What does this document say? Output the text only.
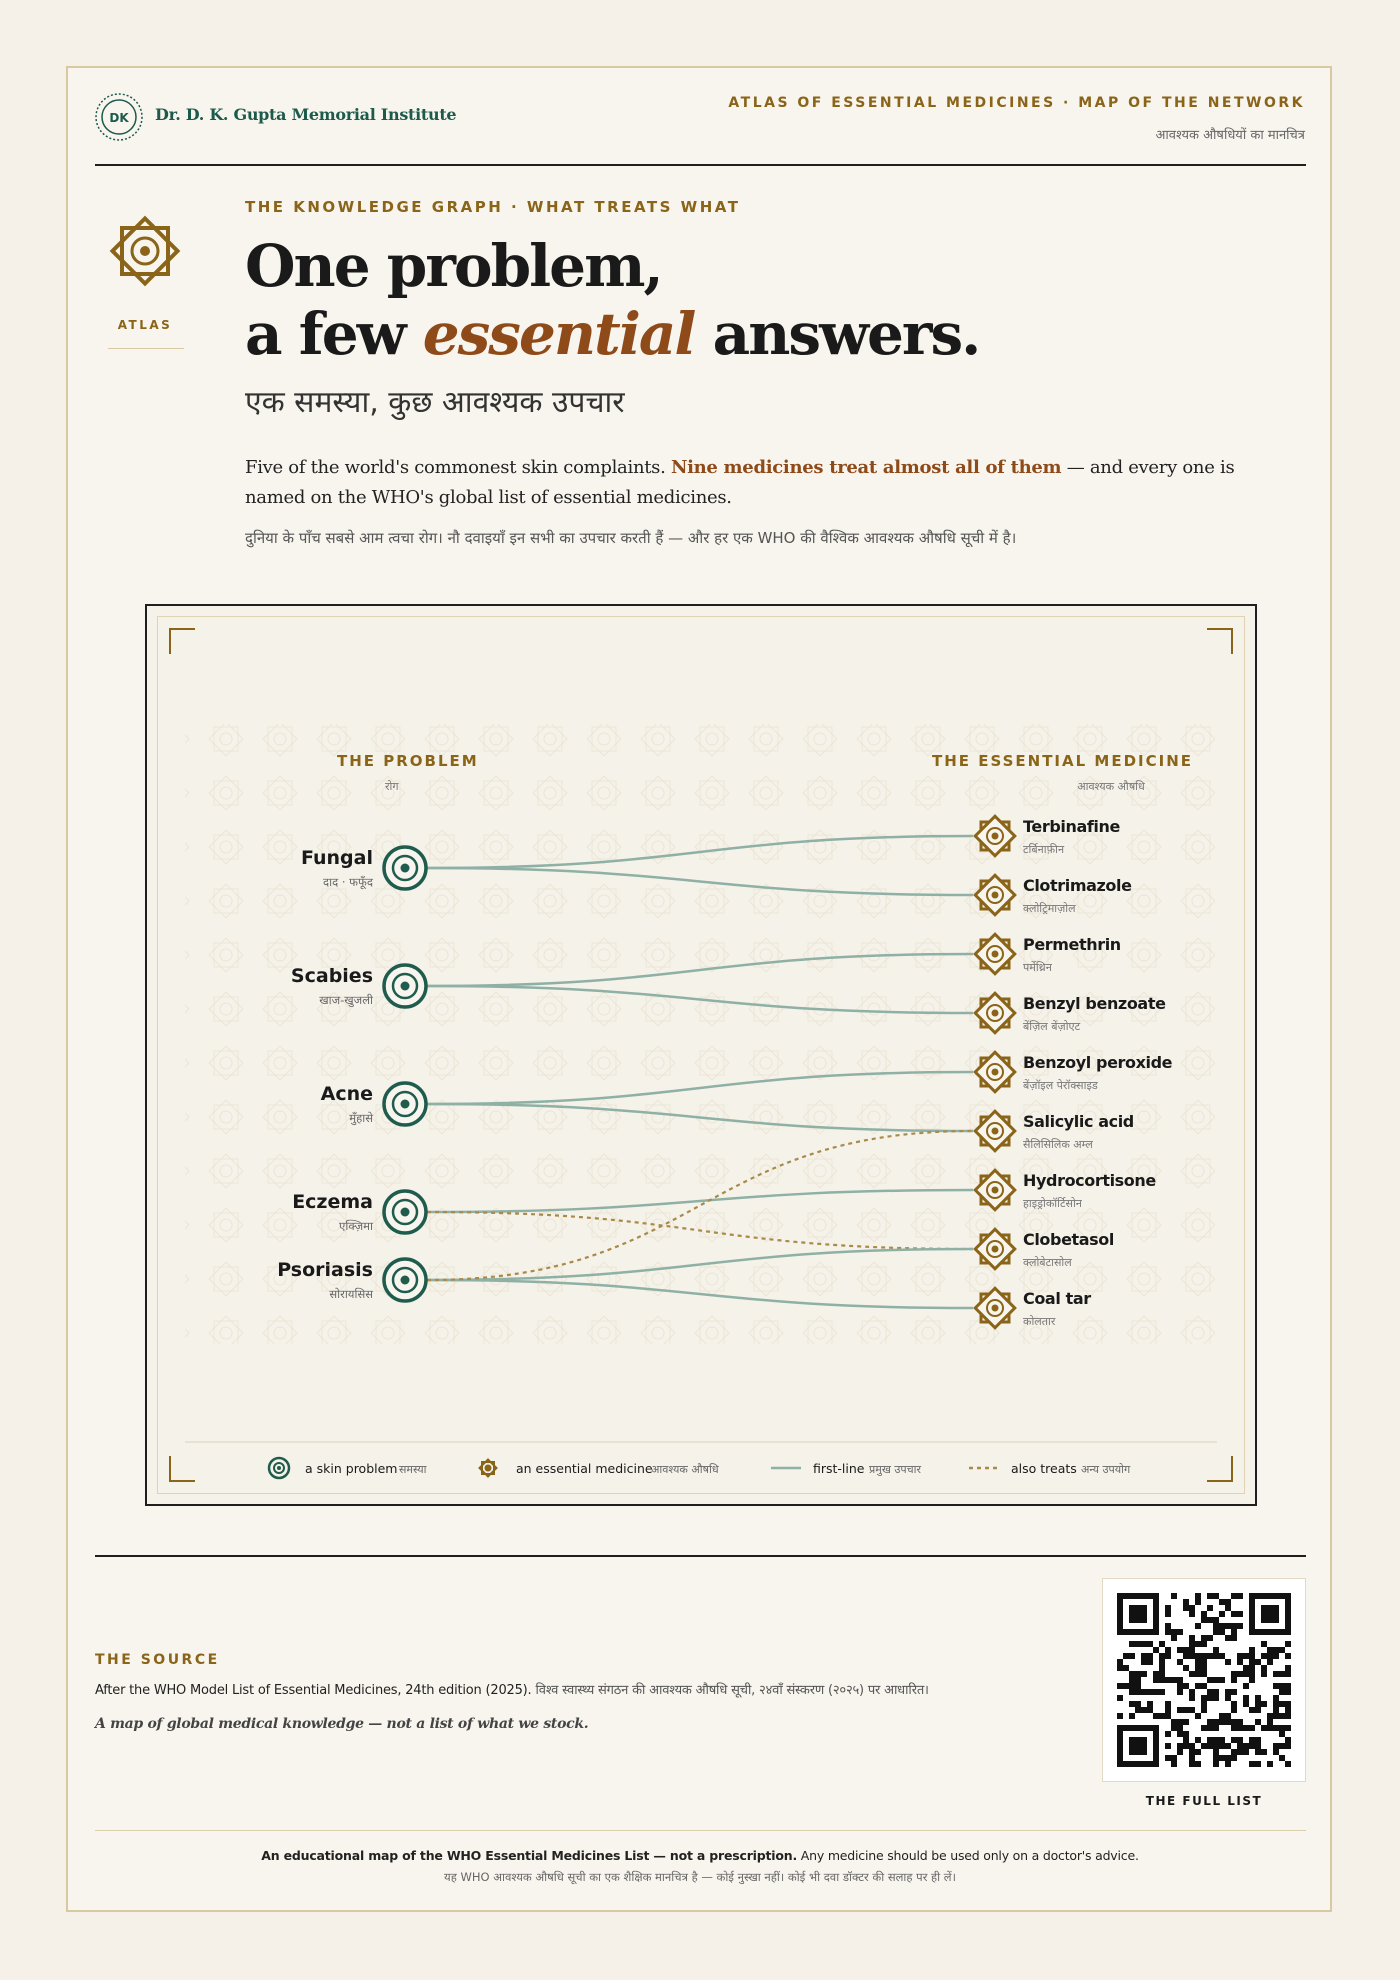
DK Dr. D. K. Gupta Memorial Institute
ATLAS OF ESSENTIAL MEDICINES · MAP OF THE NETWORK
आवश्यक औषधियों का मानचित्र
ATLAS
THE KNOWLEDGE GRAPH · WHAT TREATS WHAT
One problem,
a few essential answers.
एक समस्या, कुछ आवश्यक उपचार
Five of the world's commonest skin complaints. Nine medicines treat almost all of them — and every one is named on the WHO's global list of essential medicines.
दुनिया के पाँच सबसे आम त्वचा रोग। नौ दवाइयाँ इन सभी का उपचार करती हैं — और हर एक WHO की वैश्विक आवश्यक औषधि सूची में है।
THE PROBLEM
रोग
THE ESSENTIAL MEDICINE
आवश्यक औषधि
Fungal
दाद · फफूँद
Scabies
खाज-खुजली
Acne
मुँहासे
Eczema
एक्ज़िमा
Psoriasis
सोरायसिस
Terbinafine
टर्बिनाफ़ीन
Clotrimazole
क्लोट्रिमाज़ोल
Permethrin
पर्मेथ्रिन
Benzyl benzoate
बेंज़िल बेंज़ोएट
Benzoyl peroxide
बेंज़ॉइल पेरॉक्साइड
Salicylic acid
सैलिसिलिक अम्ल
Hydrocortisone
हाइड्रोकॉर्टिसोन
Clobetasol
क्लोबेटासोल
Coal tar
कोलतार
a skin problem समस्या	an essential medicine
आवश्यक औषधि	first-line प्रमुख उपचार	also treats अन्य उपयोग
THE SOURCE
After the WHO Model List of Essential Medicines, 24th edition (2025). विश्व स्वास्थ्य संगठन की आवश्यक औषधि सूची, २४वाँ संस्करण (२०२५) पर आधारित।
A map of global medical knowledge — not a list of what we stock.
THE FULL LIST
An educational map of the WHO Essential Medicines List — not a prescription. Any medicine should be used only on a doctor's advice.
यह WHO आवश्यक औषधि सूची का एक शैक्षिक मानचित्र है — कोई नुस्खा नहीं। कोई भी दवा डॉक्टर की सलाह पर ही लें।
